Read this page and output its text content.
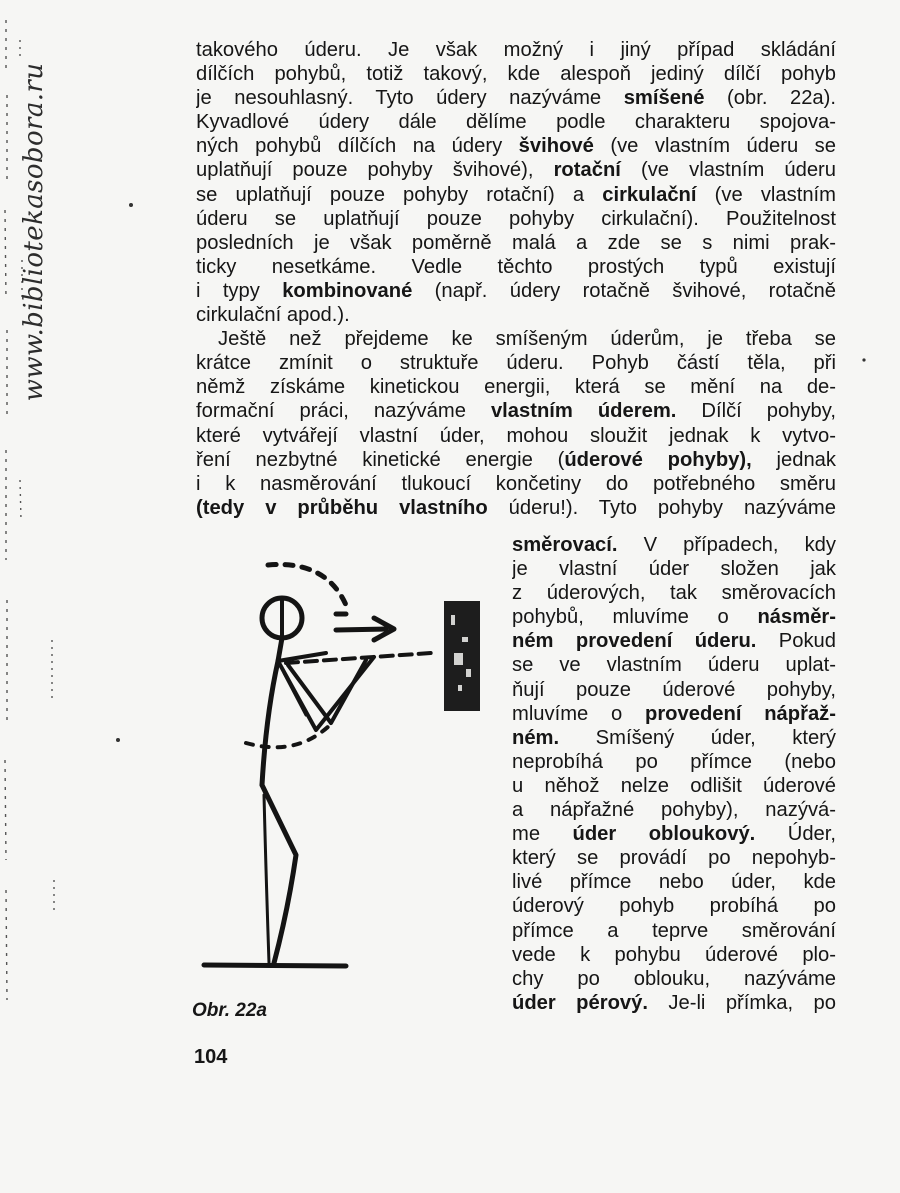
www.bibliotekasobora.ru
takového úderu. Je však možný i jiný případ skládání
dílčích pohybů, totiž takový, kde alespoň jediný dílčí pohyb
je nesouhlasný. Tyto údery nazýváme smíšené (obr. 22a).
Kyvadlové údery dále dělíme podle charakteru spojova-
ných pohybů dílčích na údery švihové (ve vlastním úderu se
uplatňují pouze pohyby švihové), rotační (ve vlastním úderu
se uplatňují pouze pohyby rotační) a cirkulační (ve vlastním
úderu se uplatňují pouze pohyby cirkulační). Použitelnost
posledních je však poměrně malá a zde se s nimi prak-
ticky nesetkáme. Vedle těchto prostých typů existují
i typy kombinované (např. údery rotačně švihové, rotačně
cirkulační apod.).
Ještě než přejdeme ke smíšeným úderům, je třeba se
krátce zmínit o struktuře úderu. Pohyb částí těla, při
němž získáme kinetickou energii, která se mění na de-
formační práci, nazýváme vlastním úderem. Dílčí pohyby,
které vytvářejí vlastní úder, mohou sloužit jednak k vytvo-
ření nezbytné kinetické energie (úderové pohyby), jednak
i k nasměrování tlukoucí končetiny do potřebného směru
(tedy v průběhu vlastního úderu!). Tyto pohyby nazýváme
směrovací. V případech, kdy
je vlastní úder složen jak
z úderových, tak směrovacích
pohybů, mluvíme o násměr-
ném provedení úderu. Pokud
se ve vlastním úderu uplat-
ňují pouze úderové pohyby,
mluvíme o provedení nápřaž-
ném. Smíšený úder, který
neprobíhá po přímce (nebo
u něhož nelze odlišit úderové
a nápřažné pohyby), nazývá-
me úder obloukový. Úder,
který se provádí po nepohyb-
livé přímce nebo úder, kde
úderový pohyb probíhá po
přímce a teprve směrování
vede k pohybu úderové plo-
chy po oblouku, nazýváme
úder pérový. Je-li přímka, po
Obr. 22a
104
